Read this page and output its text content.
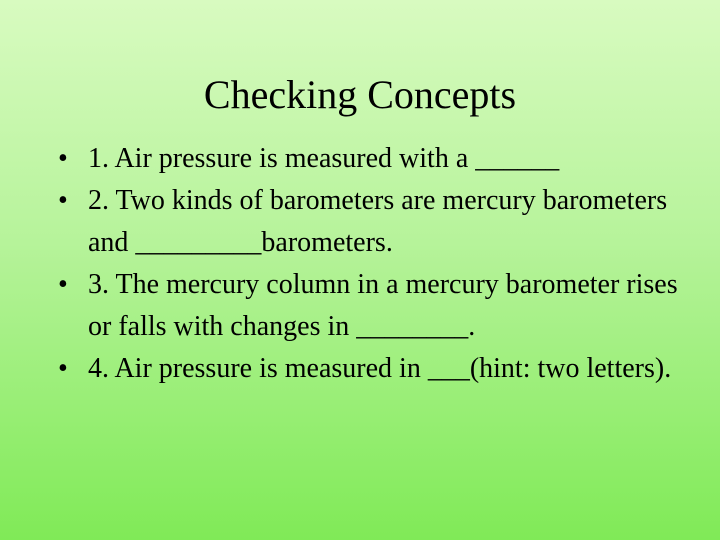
Checking Concepts
• 1. Air pressure is measured with a ______
• 2. Two kinds of barometers are mercury barometers and _________barometers.
• 3. The mercury column in a mercury barometer rises or falls with changes in ________.
• 4. Air pressure is measured in ___(hint: two letters).
